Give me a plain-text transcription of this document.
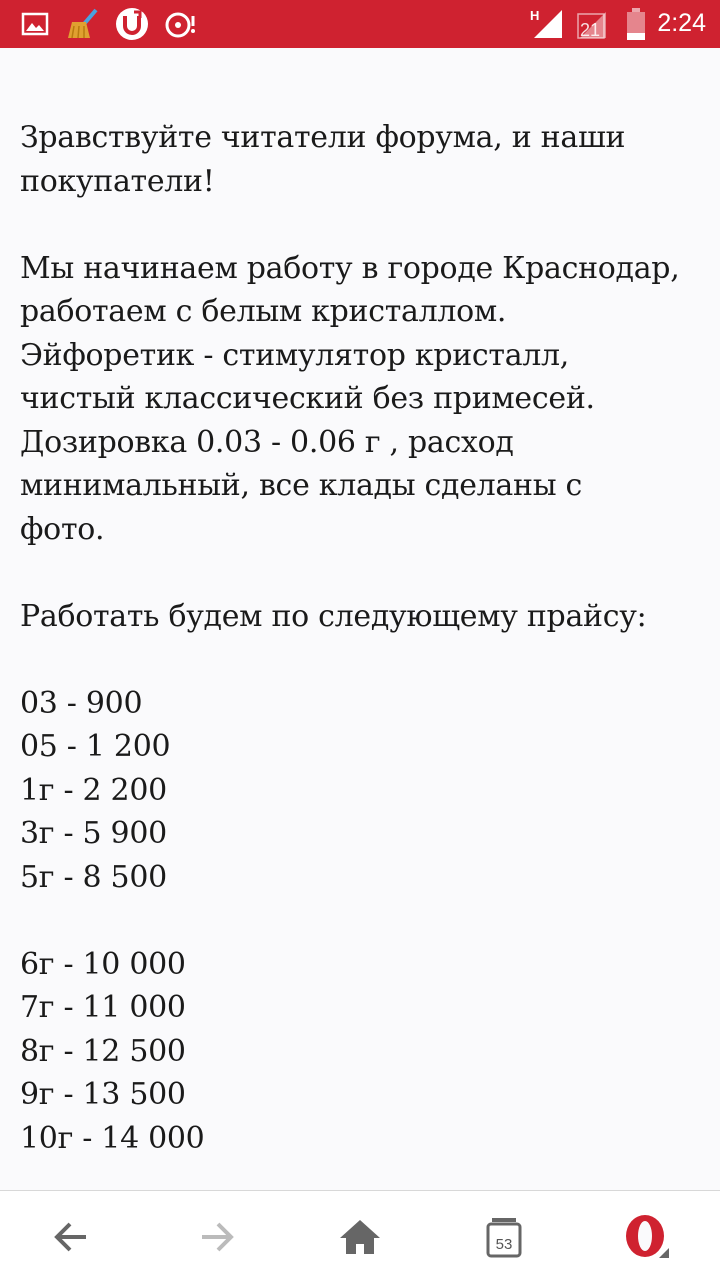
H
21 2:24

Зравствуйте читатели форума, и наши
покупатели!

Мы начинаем работу в городе Краснодар,
работаем с белым кристаллом.
Эйфоретик - стимулятор кристалл,
чистый классический без примесей.
Дозировка 0.03 - 0.06 г , расход
минимальный, все клады сделаны с
фото.

Работать будем по следующему прайсу:

03 - 900
05 - 1 200
1г - 2 200
3г - 5 900
5г - 8 500

6г - 10 000
7г - 11 000
8г - 12 500
9г - 13 500
10г - 14 000

53
